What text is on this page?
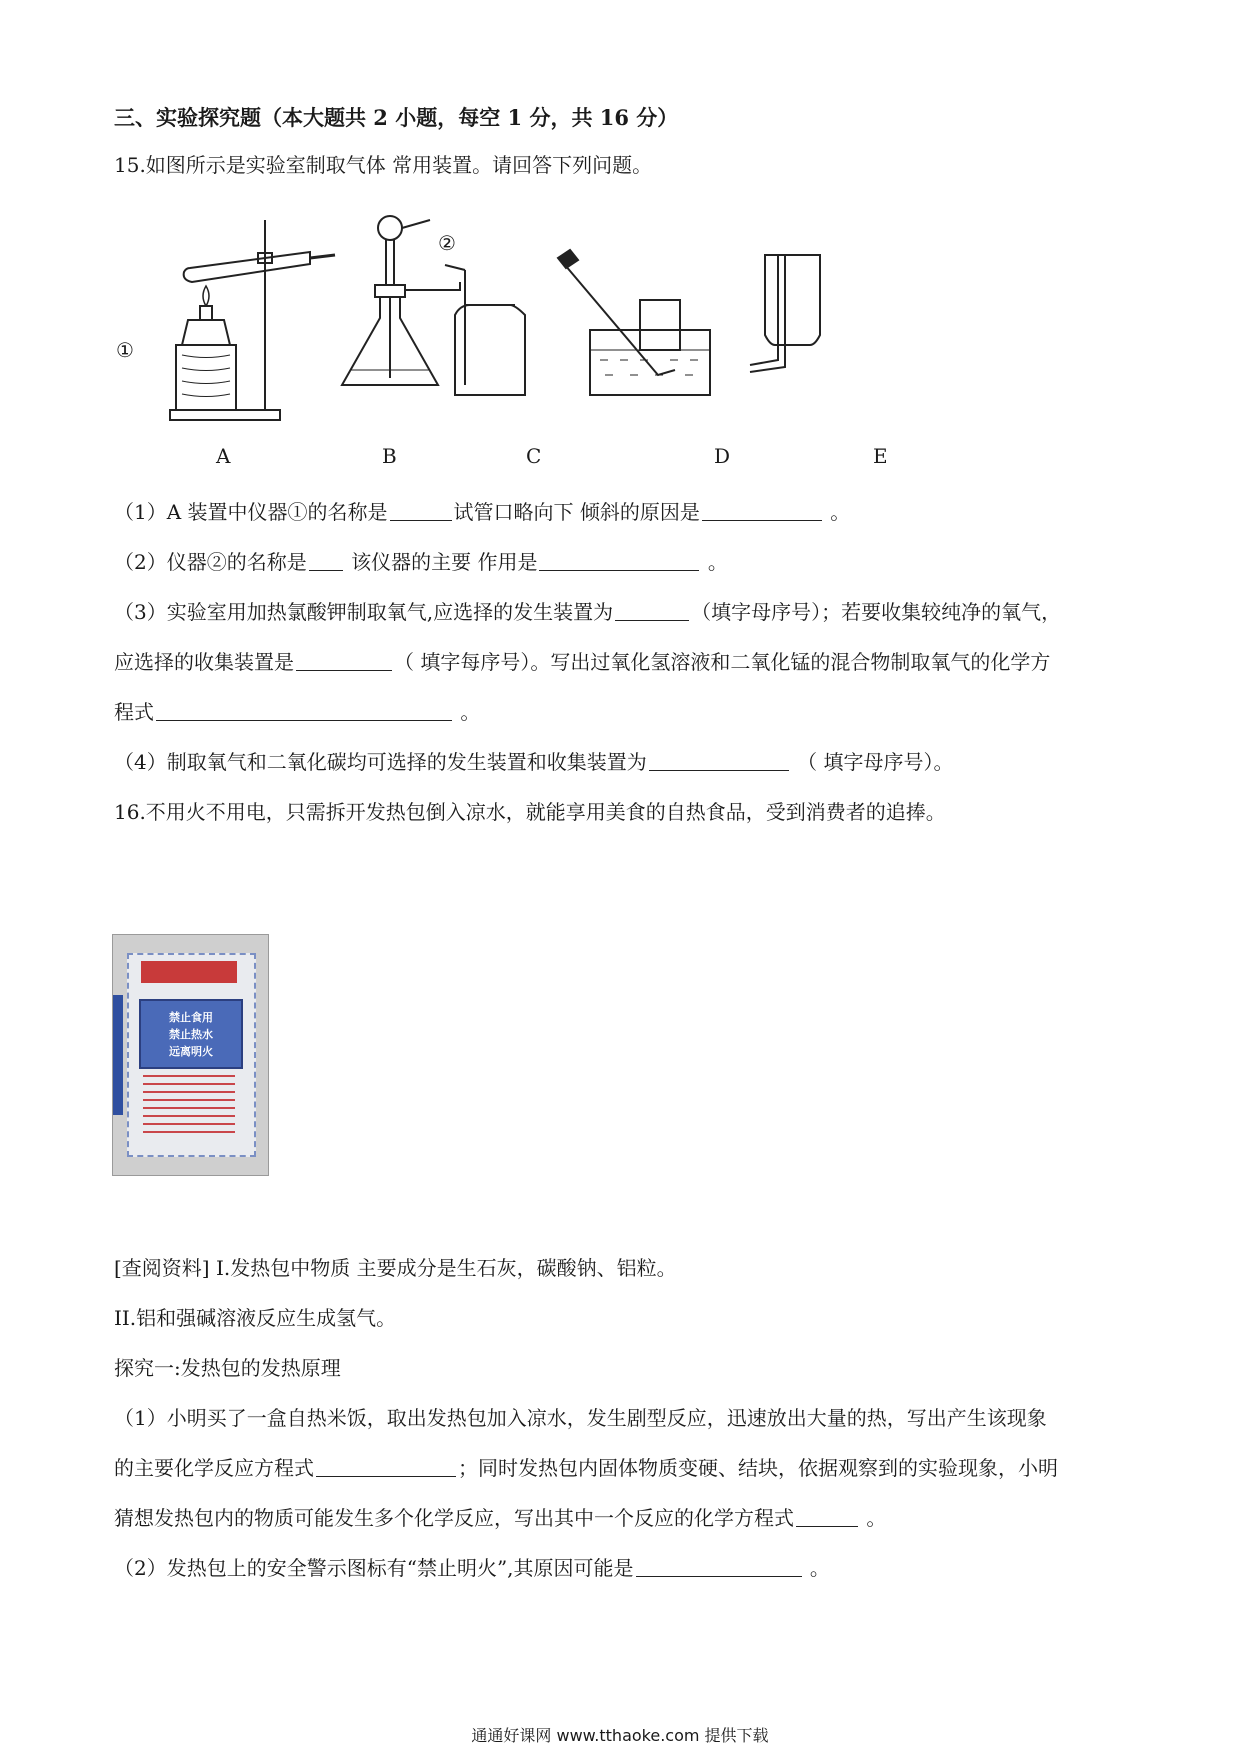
三、实验探究题（本大题共 2 小题，每空 1 分，共 16 分）
15.如图所示是实验室制取气体 常用装置。请回答下列问题。
①
②
A	B	C	D	E
（1）A 装置中仪器①的名称是	试管口略向下 倾斜的原因是	。
（2）仪器②的名称是 该仪器的主要 作用是	。
（3）实验室用加热氯酸钾制取氧气,应选择的发生装置为	（填字母序号）；若要收集较纯净的氧气，
应选择的收集装置是	（ 填字每序号）。写出过氧化氢溶液和二氧化锰的混合物制取氧气的化学方
程式	。
（4）制取氧气和二氧化碳均可选择的发生装置和收集装置为	（ 填字母序号）。
16.不用火不用电，只需拆开发热包倒入凉水，就能享用美食的自热食品，受到消费者的追捧。
禁止食用
禁止热水
远离明火
[查阅资料] I.发热包中物质 主要成分是生石灰，碳酸钠、铝粒。
II.铝和强碱溶液反应生成氢气。
探究一:发热包的发热原理
（1）小明买了一盒自热米饭，取出发热包加入凉水，发生剧型反应，迅速放出大量的热，写出产生该现象
的主要化学反应方程式	；同时发热包内固体物质变硬、结块，依据观察到的实验现象，小明
猜想发热包内的物质可能发生多个化学反应，写出其中一个反应的化学方程式	。
（2）发热包上的安全警示图标有“禁止明火”,其原因可能是	。
通通好课网 www.tthaoke.com 提供下载
